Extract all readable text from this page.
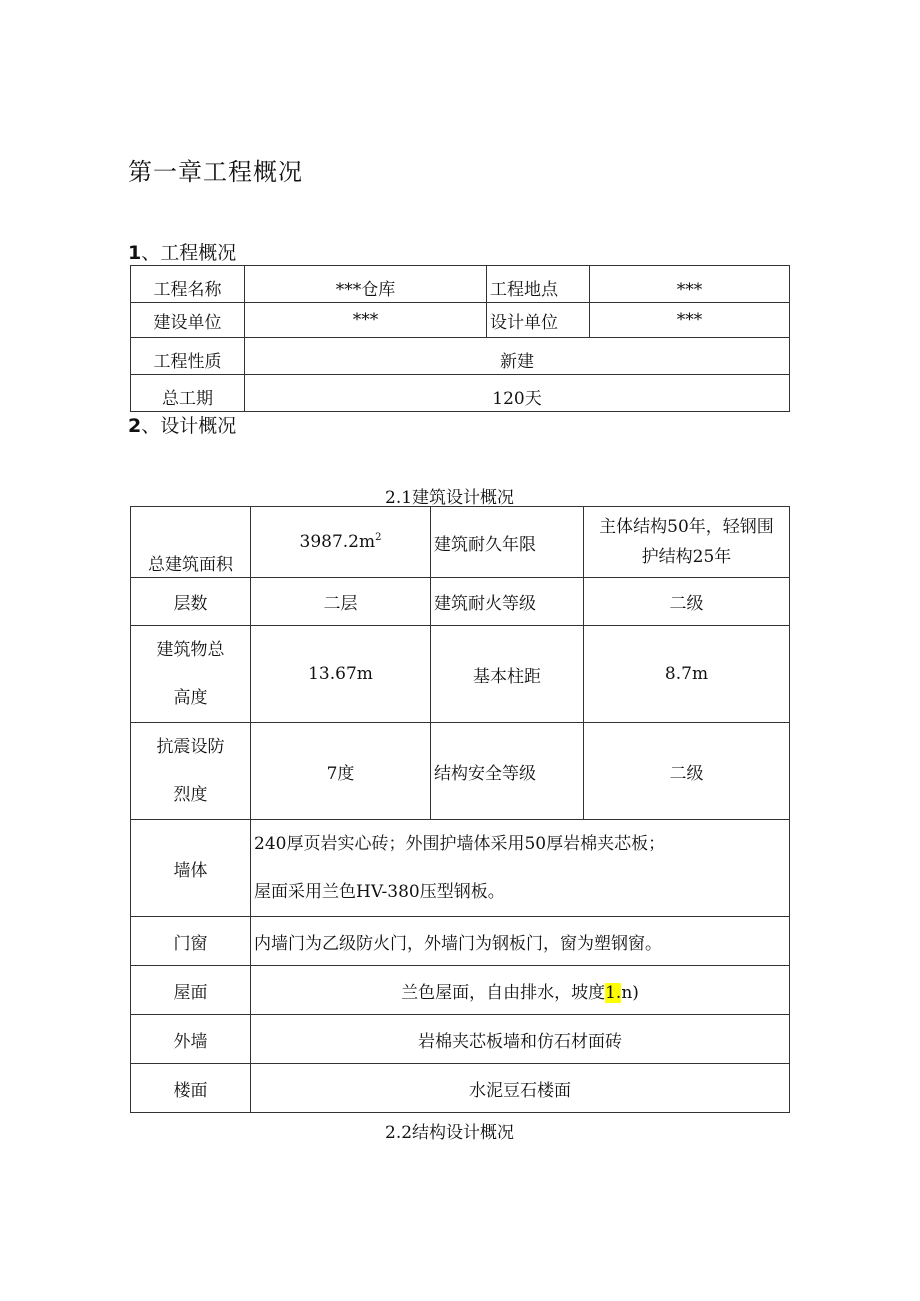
第一章工程概况
1、工程概况
工程名称	***仓库	工程地点	***
建设单位	***	设计单位	***
工程性质	新建		
总工期	120天		
2、设计概况
2.1建筑设计概况
总建筑面积	$3987.2m^2$	建筑耐久年限	主体结构50年，轻钢围
护结构25年

层数	二层	建筑耐火等级	二级

建筑物总
高度	13.67m	基本柱距	8.7m

抗震设防
烈度	7度	结构安全等级	二级
墙体	240厚页岩实心砖；外围护墙体采用50厚岩棉夹芯板；
屋面采用兰色HV-380压型钢板。		

门窗	内墙门为乙级防火门，外墙门为钢板门，窗为塑钢窗。		
屋面	兰色屋面，自由排水，坡度1.n)		
外墙	岩棉夹芯板墙和仿石材面砖		
楼面	水泥豆石楼面		
2.2结构设计概况
